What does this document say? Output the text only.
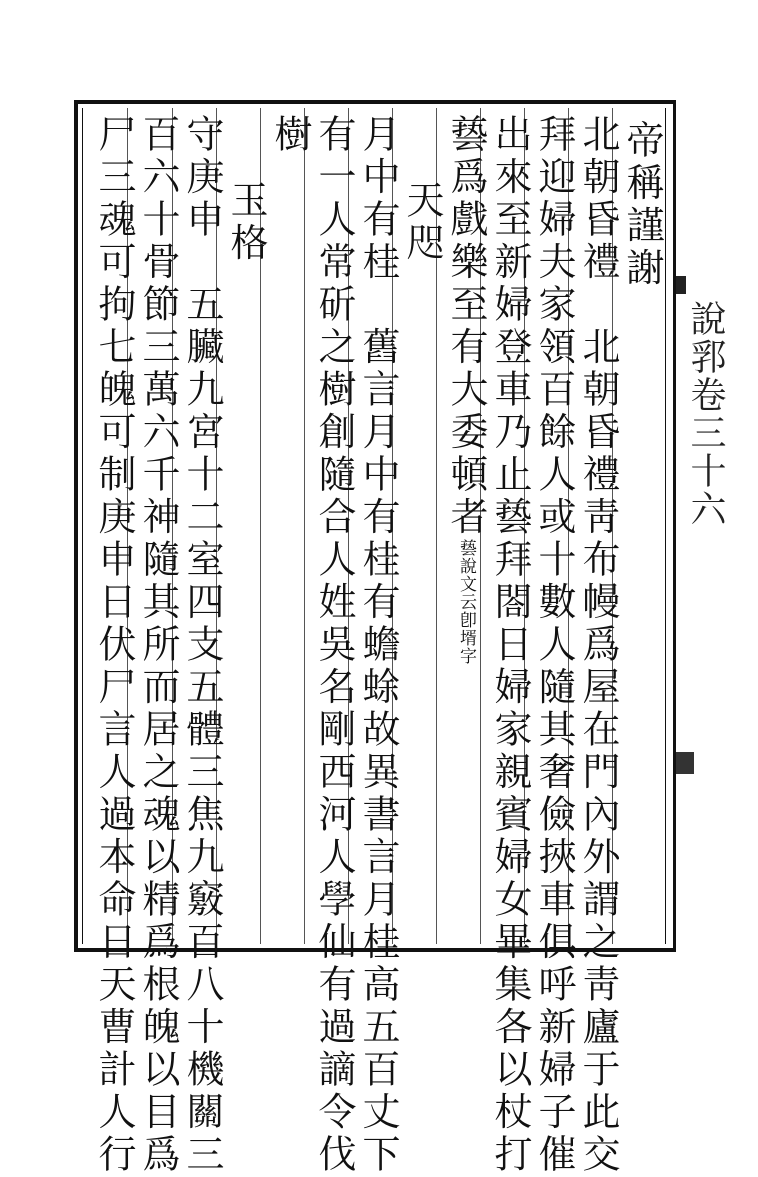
帝稱謹謝
北朝昏禮　北朝昏禮靑布幔爲屋在門內外謂之靑廬于此交
拜迎婦夫家領百餘人或十數人隨其奢儉挾車俱呼新婦子催
出來至新婦登車乃止兿拜閤日婦家親賓婦女畢集各以杖打
兿爲戲樂至有大委頓者兿說文云卽壻字
天咫
月中有桂　舊言月中有桂有蟾蜍故異書言月桂高五百丈下
有一人常斫之樹創隨合人姓吳名剛西河人學仙有過謫令伐
樹
玉格
守庚申　五臟九宮十二室四支五體三焦九竅百八十機關三
百六十骨節三萬六千神隨其所而居之魂以精爲根魄以目爲
尸三魂可拘七魄可制庚申日伏尸言人過本命日天曹計人行	說郛卷三十六
